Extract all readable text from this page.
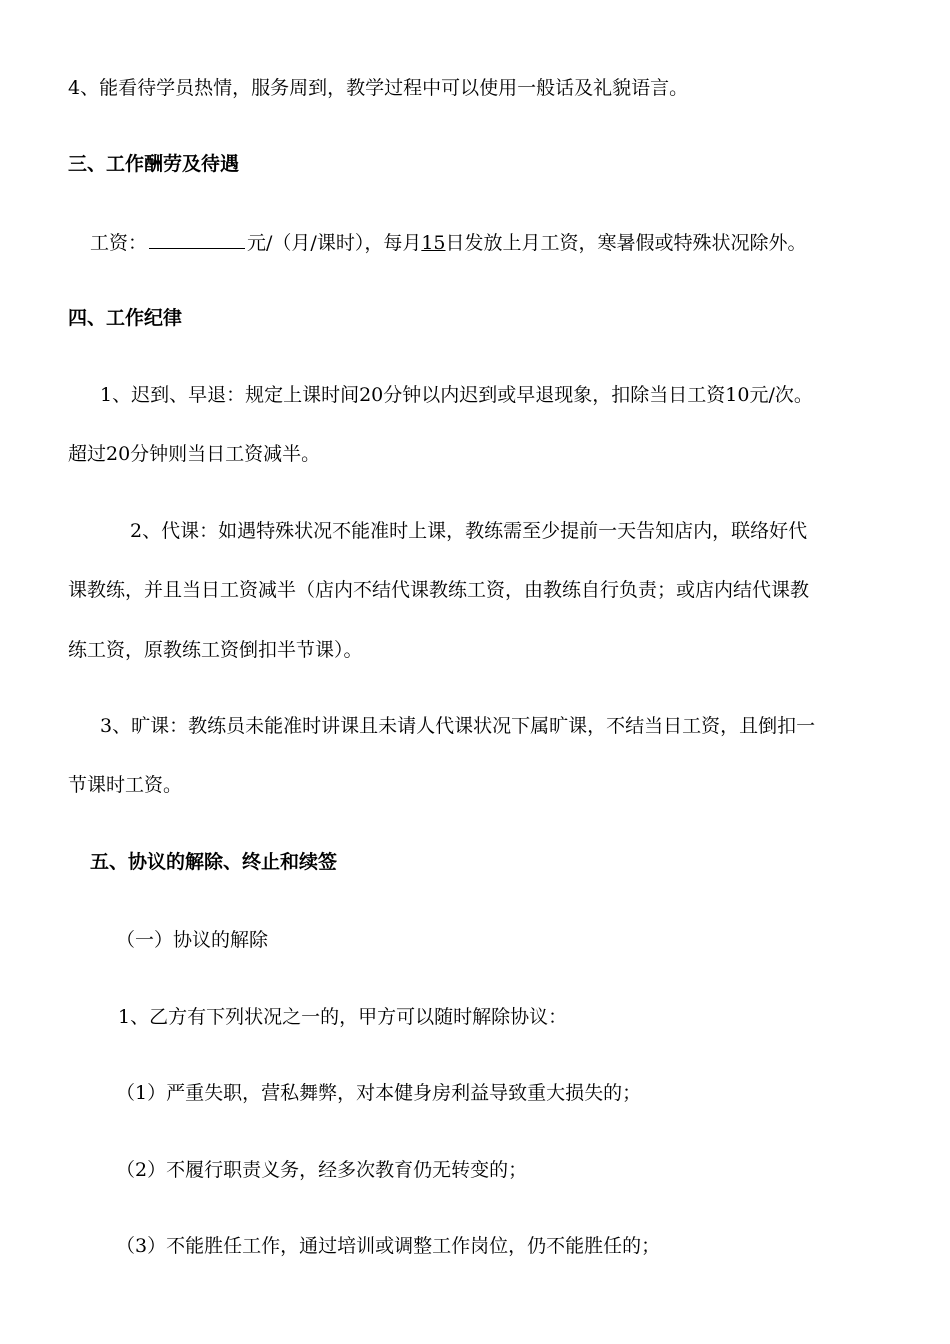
4、能看待学员热情，服务周到，教学过程中可以使用一般话及礼貌语言。
三、工作酬劳及待遇
工资：	元/（月/课时），每月15日发放上月工资，寒暑假或特殊状况除外。
四、工作纪律
1、迟到、早退：规定上课时间20分钟以内迟到或早退现象，扣除当日工资10元/次。
超过20分钟则当日工资减半。
2、代课：如遇特殊状况不能准时上课，教练需至少提前一天告知店内，联络好代
课教练，并且当日工资减半（店内不结代课教练工资，由教练自行负责；或店内结代课教
练工资，原教练工资倒扣半节课）。
3、旷课：教练员未能准时讲课且未请人代课状况下属旷课，不结当日工资，且倒扣一
节课时工资。
五、协议的解除、终止和续签
（一）协议的解除
1、乙方有下列状况之一的，甲方可以随时解除协议：
（1）严重失职，营私舞弊，对本健身房利益导致重大损失的；
（2）不履行职责义务，经多次教育仍无转变的；
（3）不能胜任工作，通过培训或调整工作岗位，仍不能胜任的；
